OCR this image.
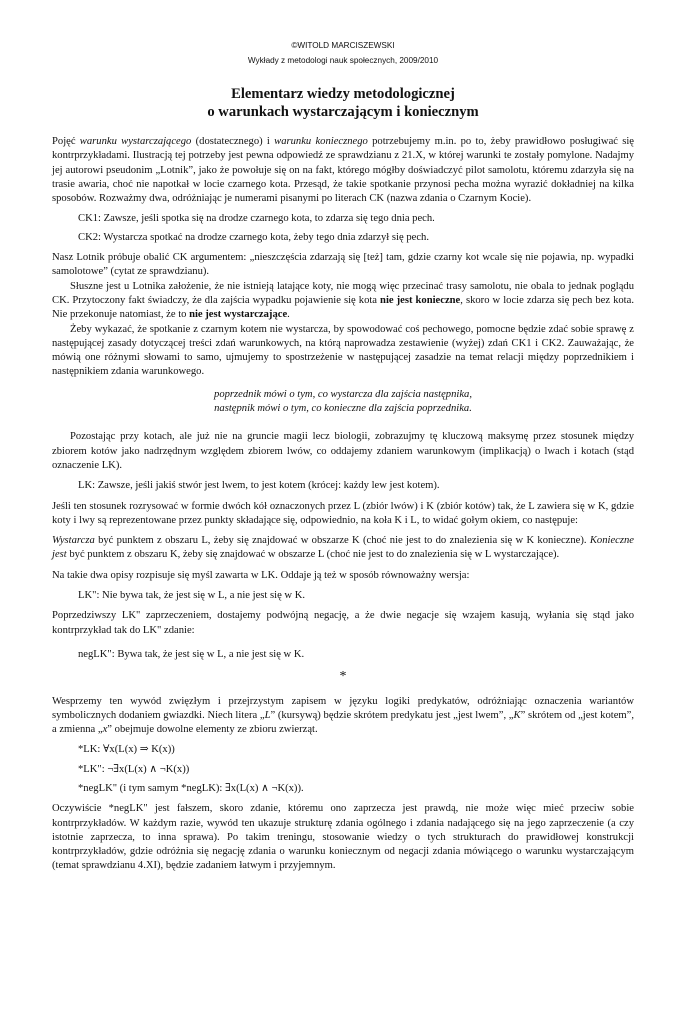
©WITOLD MARCISZEWSKI
Wykłady z metodologi nauk społecznych, 2009/2010
Elementarz wiedzy metodologicznej
o warunkach wystarczającym i koniecznym

Pojęć warunku wystarczającego (dostatecznego) i warunku koniecznego potrzebujemy m.in. po to, żeby prawidłowo posługiwać się kontrprzykładami. Ilustracją tej potrzeby jest pewna odpowiedź ze sprawdzianu z 21.X, w której warunki te zostały pomylone. Nadajmy jej autorowi pseudonim „Lotnik”, jako że powołuje się on na fakt, którego mógłby doświadczyć pilot samolotu, któremu zdarzyła się na trasie awaria, choć nie napotkał w locie czarnego kota. Przesąd, że takie spotkanie przynosi pecha można wyrazić dokładniej na kilka sposobów. Rozważmy dwa, odróżniając je numerami pisanymi po literach CK (nazwa zdania o Czarnym Kocie).

CK1: Zawsze, jeśli spotka się na drodze czarnego kota, to zdarza się tego dnia pech.

CK2: Wystarcza spotkać na drodze czarnego kota, żeby tego dnia zdarzył się pech.

Nasz Lotnik próbuje obalić CK argumentem: „nieszczęścia zdarzają się [też] tam, gdzie czarny kot wcale się nie pojawia, np. wypadki samolotowe” (cytat ze sprawdzianu).

Słuszne jest u Lotnika założenie, że nie istnieją latające koty, nie mogą więc przecinać trasy samolotu, nie obala to jednak poglądu CK. Przytoczony fakt świadczy, że dla zajścia wypadku pojawienie się kota nie jest konieczne, skoro w locie zdarza się pech bez kota. Nie przekonuje natomiast, że to nie jest wystarczające.

Żeby wykazać, że spotkanie z czarnym kotem nie wystarcza, by spowodować coś pechowego, pomocne będzie zdać sobie sprawę z następującej zasady dotyczącej treści zdań warunkowych, na którą naprowadza zestawienie (wyżej) zdań CK1 i CK2. Zauważając, że mówią one różnymi słowami to samo, ujmujemy to spostrzeżenie w następującej zasadzie na temat relacji między poprzednikiem i następnikiem zdania warunkowego.

poprzednik mówi o tym, co wystarcza dla zajścia następnika,
następnik mówi o tym, co konieczne dla zajścia poprzednika.

Pozostając przy kotach, ale już nie na gruncie magii lecz biologii, zobrazujmy tę kluczową maksymę przez stosunek między zbiorem kotów jako nadrzędnym względem zbiorem lwów, co oddajemy zdaniem warunkowym (implikacją) o lwach i kotach (stąd oznaczenie LK).

LK: Zawsze, jeśli jakiś stwór jest lwem, to jest kotem (krócej: każdy lew jest kotem).

Jeśli ten stosunek rozrysować w formie dwóch kół oznaczonych przez L (zbiór lwów) i K (zbiór kotów) tak, że L zawiera się w K, gdzie koty i lwy są reprezentowane przez punkty składające się, odpowiednio, na koła K i L, to widać gołym okiem, co następuje:

Wystarcza być punktem z obszaru L, żeby się znajdować w obszarze K (choć nie jest to do znalezienia się w K konieczne). Konieczne jest być punktem z obszaru K, żeby się znajdować w obszarze L (choć nie jest to do znalezienia się w L wystarczające).

Na takie dwa opisy rozpisuje się myśl zawarta w LK. Oddaje ją też w sposób równoważny wersja:

LK": Nie bywa tak, że jest się w L, a nie jest się w K.

Poprzedziwszy LK" zaprzeczeniem, dostajemy podwójną negację, a że dwie negacje się wzajem kasują, wyłania się stąd jako kontrprzykład tak do LK" zdanie:

negLK": Bywa tak, że jest się w L, a nie jest się w K.

*

Wesprzemy ten wywód zwięzłym i przejrzystym zapisem w języku logiki predykatów, odróżniając oznaczenia wariantów symbolicznych dodaniem gwiazdki. Niech litera „L” (kursywą) będzie skrótem predykatu jest „jest lwem”, „K” skrótem od „jest kotem”, a zmienna „x” obejmuje dowolne elementy ze zbioru zwierząt.

*LK: ∀x(L(x) ⇒ K(x))

*LK": ¬∃x(L(x) ∧ ¬K(x))

*negLK" (i tym samym *negLK): ∃x(L(x) ∧ ¬K(x)).

Oczywiście *negLK" jest fałszem, skoro zdanie, któremu ono zaprzecza jest prawdą, nie może więc mieć przeciw sobie kontrprzykładów. W każdym razie, wywód ten ukazuje strukturę zdania ogólnego i zdania nadającego się na jego zaprzeczenie (a czy istotnie zaprzecza, to inna sprawa). Po takim treningu, stosowanie wiedzy o tych strukturach do prawidłowej konstrukcji kontrprzykładów, gdzie odróżnia się negację zdania o warunku koniecznym od negacji zdania mówiącego o warunku wystarczającym (temat sprawdzianu 4.XI), będzie zadaniem łatwym i przyjemnym.
